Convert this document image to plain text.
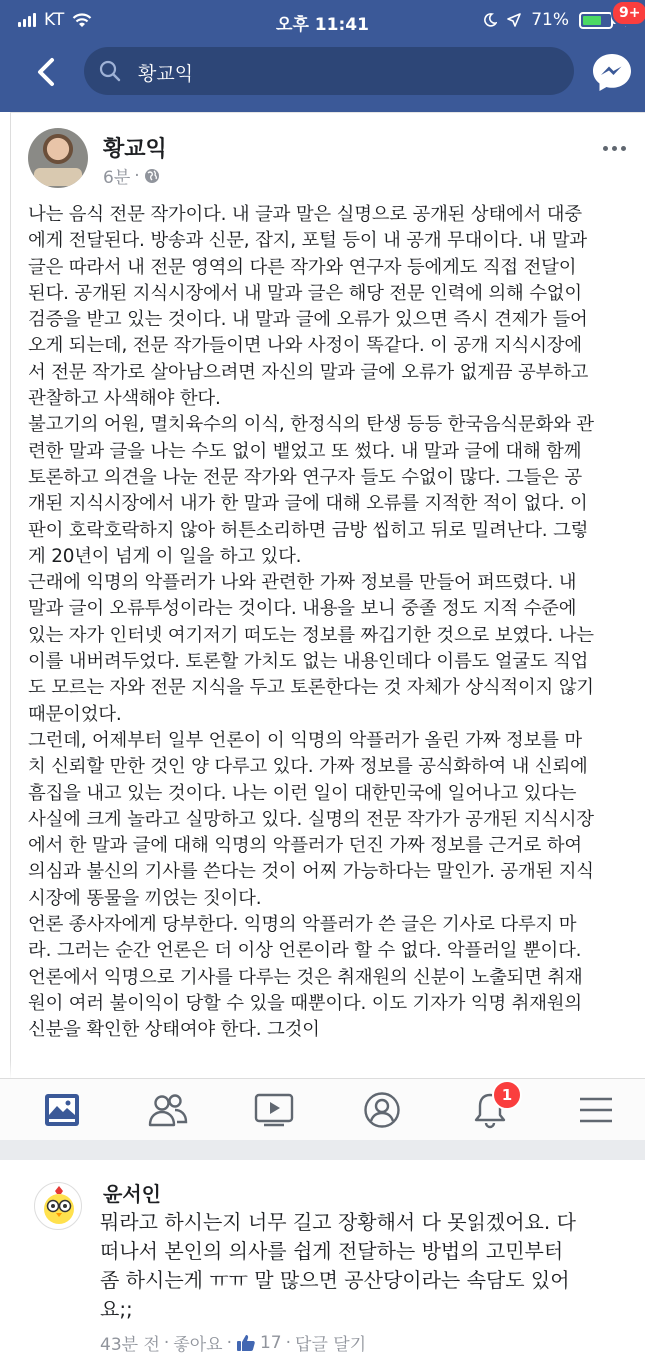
KT	오후 11:41	71%
황교익
9+
황교익
6분 ·
나는 음식 전문 작가이다. 내 글과 말은 실명으로 공개된 상태에서 대중
에게 전달된다. 방송과 신문, 잡지, 포털 등이 내 공개 무대이다. 내 말과
글은 따라서 내 전문 영역의 다른 작가와 연구자 등에게도 직접 전달이
된다. 공개된 지식시장에서 내 말과 글은 해당 전문 인력에 의해 수없이
검증을 받고 있는 것이다. 내 말과 글에 오류가 있으면 즉시 견제가 들어
오게 되는데, 전문 작가들이면 나와 사정이 똑같다. 이 공개 지식시장에
서 전문 작가로 살아남으려면 자신의 말과 글에 오류가 없게끔 공부하고
관찰하고 사색해야 한다.
불고기의 어원, 멸치육수의 이식, 한정식의 탄생 등등 한국음식문화와 관
련한 말과 글을 나는 수도 없이 뱉었고 또 썼다. 내 말과 글에 대해 함께
토론하고 의견을 나눈 전문 작가와 연구자 들도 수없이 많다. 그들은 공
개된 지식시장에서 내가 한 말과 글에 대해 오류를 지적한 적이 없다. 이
판이 호락호락하지 않아 허튼소리하면 금방 씹히고 뒤로 밀려난다. 그렇
게 20년이 넘게 이 일을 하고 있다.
근래에 익명의 악플러가 나와 관련한 가짜 정보를 만들어 퍼뜨렸다. 내
말과 글이 오류투성이라는 것이다. 내용을 보니 중졸 정도 지적 수준에
있는 자가 인터넷 여기저기 떠도는 정보를 짜깁기한 것으로 보였다. 나는
이를 내버려두었다. 토론할 가치도 없는 내용인데다 이름도 얼굴도 직업
도 모르는 자와 전문 지식을 두고 토론한다는 것 자체가 상식적이지 않기
때문이었다.
그런데, 어제부터 일부 언론이 이 익명의 악플러가 올린 가짜 정보를 마
치 신뢰할 만한 것인 양 다루고 있다. 가짜 정보를 공식화하여 내 신뢰에
흠집을 내고 있는 것이다. 나는 이런 일이 대한민국에 일어나고 있다는
사실에 크게 놀라고 실망하고 있다. 실명의 전문 작가가 공개된 지식시장
에서 한 말과 글에 대해 익명의 악플러가 던진 가짜 정보를 근거로 하여
의심과 불신의 기사를 쓴다는 것이 어찌 가능하다는 말인가. 공개된 지식
시장에 똥물을 끼얹는 짓이다.
언론 종사자에게 당부한다. 익명의 악플러가 쓴 글은 기사로 다루지 마
라. 그러는 순간 언론은 더 이상 언론이라 할 수 없다. 악플러일 뿐이다.
언론에서 익명으로 기사를 다루는 것은 취재원의 신분이 노출되면 취재
원이 여러 불이익이 당할 수 있을 때뿐이다. 이도 기자가 익명 취재원의
신분을 확인한 상태여야 한다. 그것이
1
윤서인
뭐라고 하시는지 너무 길고 장황해서 다 못읽겠어요. 다
떠나서 본인의 의사를 쉽게 전달하는 방법의 고민부터
좀 하시는게 ㅠㅠ 말 많으면 공산당이라는 속담도 있어
요;;
43분 전 · 좋아요 · 17 · 답글 달기
